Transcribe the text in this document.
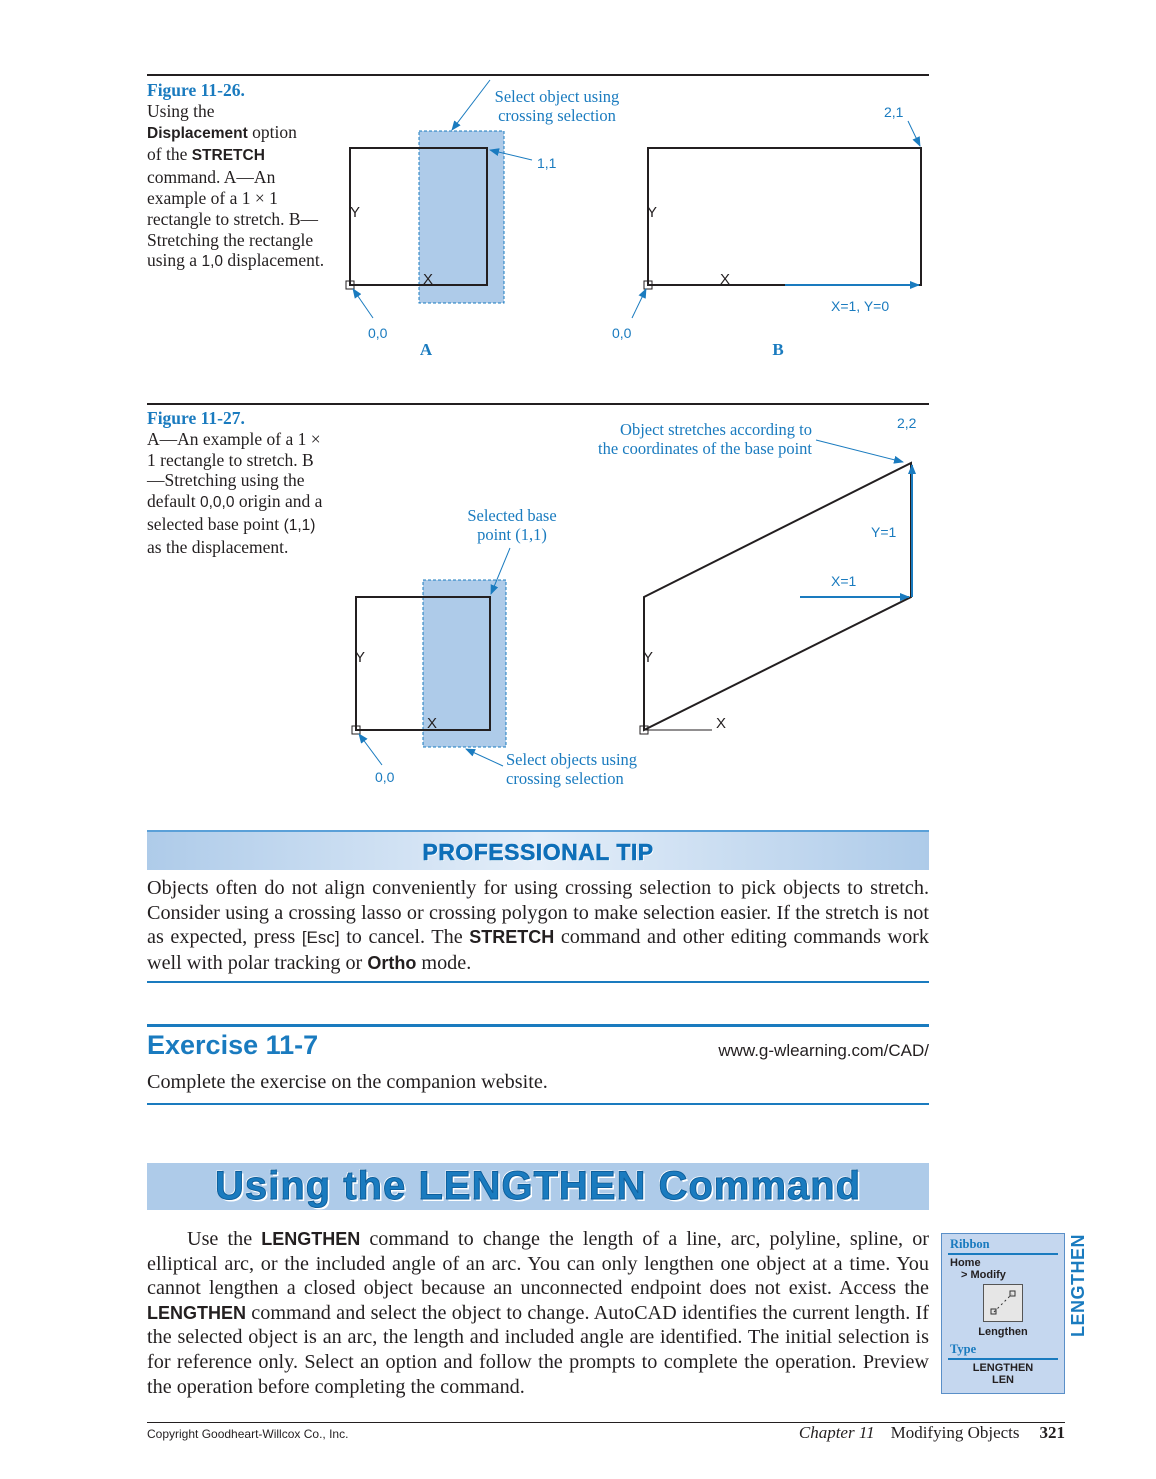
Figure 11-26.
Using the
Displacement option
of the STRETCH command. A—An example of a 1 × 1 rectangle to stretch. B—Stretching the rectangle using a 1,0 displacement.
Select object using
crossing selection
1,1
0,0
Y
X
A
2,1
0,0
X=1, Y=0
Y
X
B
Selected base
point (1,1)
Select objects using
crossing selection
0,0
Y
X
Object stretches according to
the coordinates of the base point
2,2
Y=1
X=1
Y
X
Figure 11-27.
A—An example of a 1 × 1 rectangle to stretch. B—Stretching using the default 0,0,0 origin and a selected base point (1,1) as the displacement.
PROFESSIONAL TIP
Objects often do not align conveniently for using crossing selection to pick objects to stretch. Consider using a crossing lasso or crossing polygon to make selection easier. If the stretch is not as expected, press [Esc] to cancel. The STRETCH command and other editing commands work well with polar tracking or Ortho mode.
Exercise 11-7	www.g-wlearning.com/CAD/
Complete the exercise on the companion website.
Using the LENGTHEN Command
Use the LENGTHEN command to change the length of a line, arc, polyline, spline, or elliptical arc, or the included angle of an arc. You can only lengthen one object at a time. You cannot lengthen a closed object because an unconnected endpoint does not exist. Access the LENGTHEN command and select the object to change. AutoCAD identifies the current length. If the selected object is an arc, the length and included angle are identified. The initial selection is for reference only. Select an option and follow the prompts to complete the operation. Preview the operation before completing the command.
Ribbon
Home
> Modify
Lengthen
Type
LENGTHEN
LEN
LENGTHEN
Copyright Goodheart-Willcox Co., Inc.	Chapter 11 Modifying Objects 321
